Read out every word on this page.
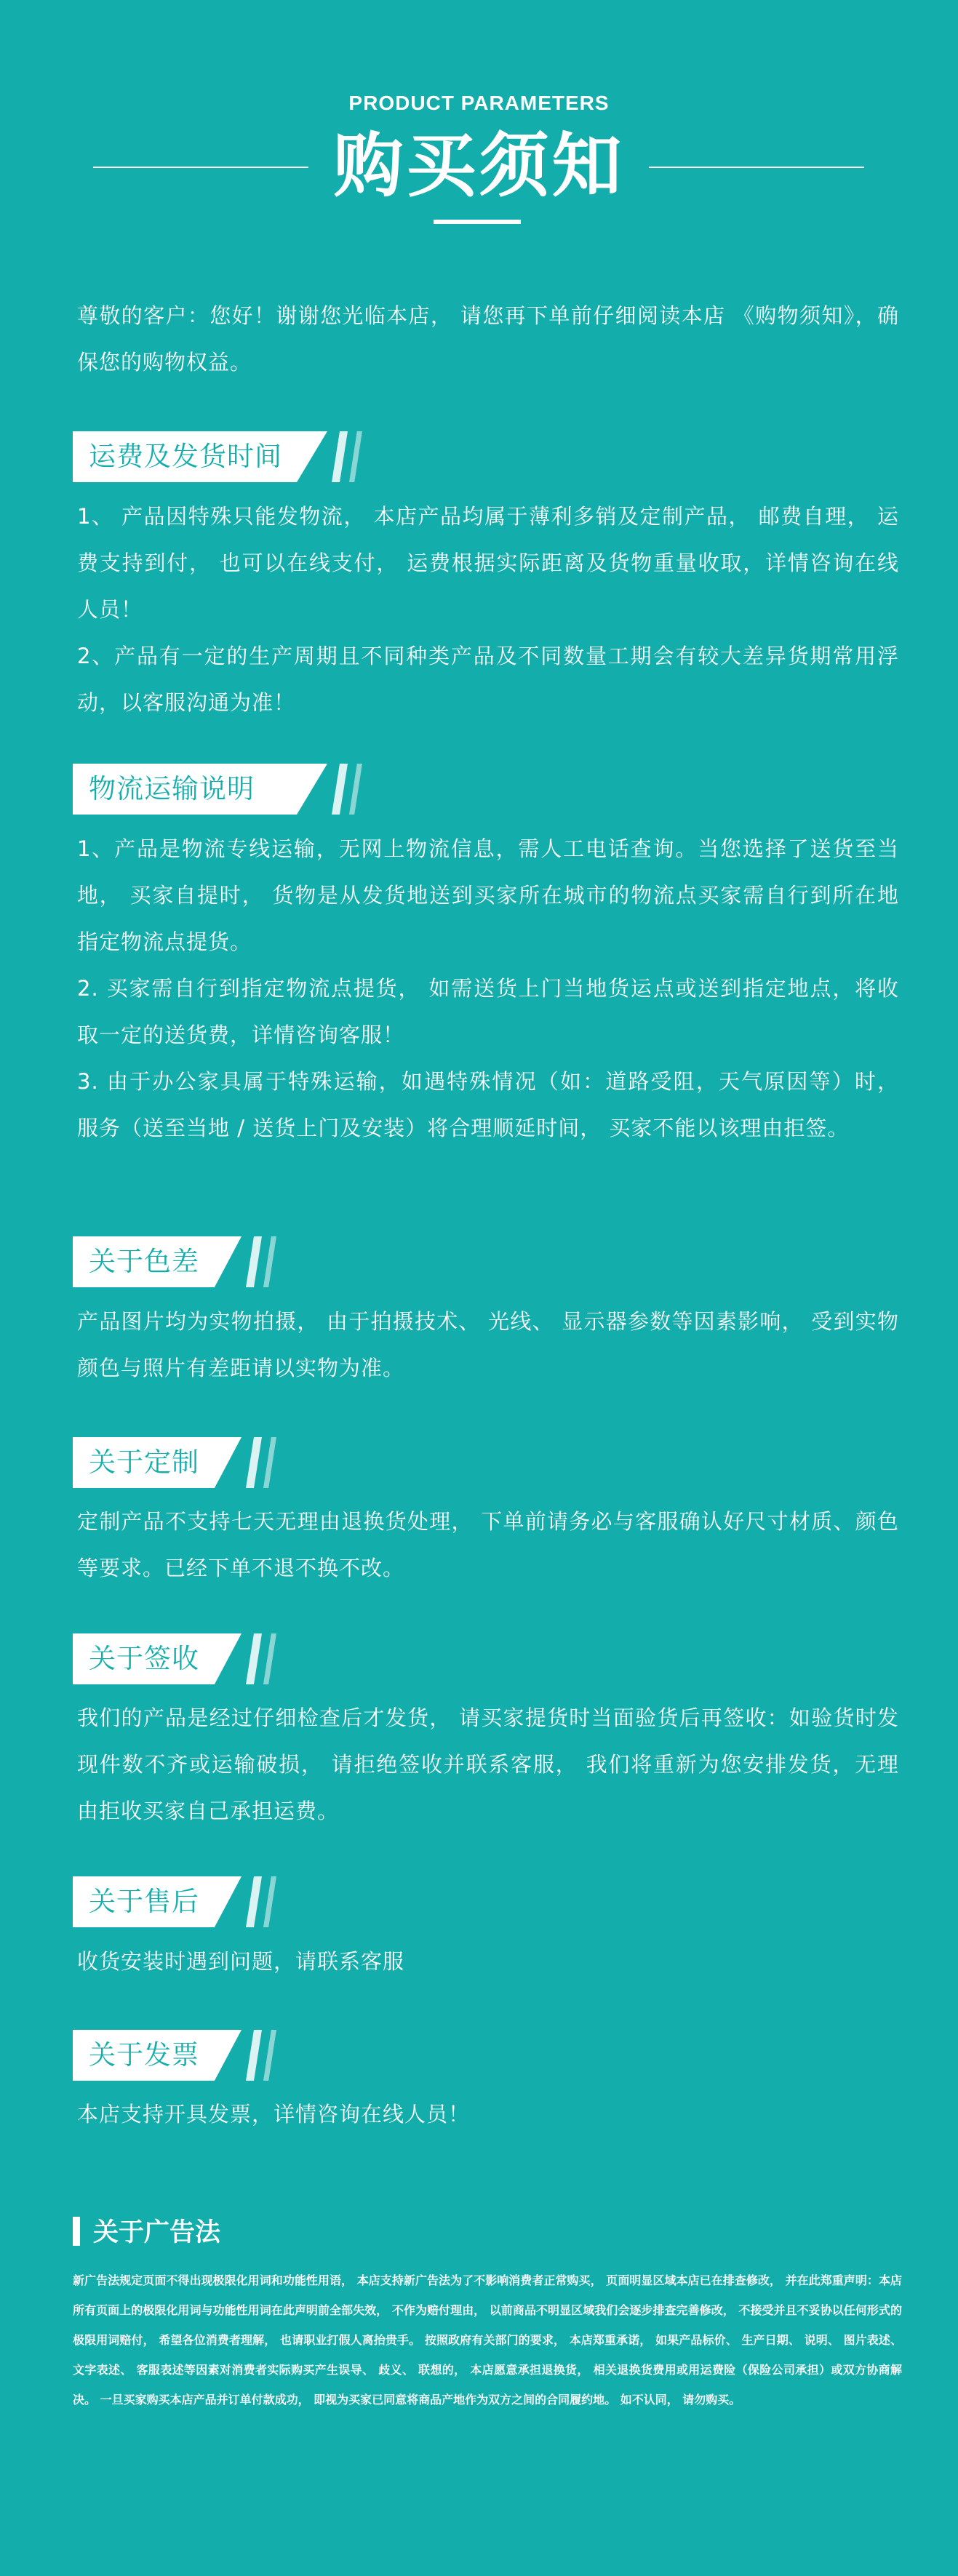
PRODUCT PARAMETERS
购买须知

尊敬的客户：您好！谢谢您光临本店， 请您再下单前仔细阅读本店 《购物须知》，确保您的购物权益。

运费及发货时间

1、 产品因特殊只能发物流， 本店产品均属于薄利多销及定制产品， 邮费自理， 运费支持到付， 也可以在线支付， 运费根据实际距离及货物重量收取，详情咨询在线人员！

2、产品有一定的生产周期且不同种类产品及不同数量工期会有较大差异货期常用浮动，以客服沟通为准！

物流运输说明

1、产品是物流专线运输，无网上物流信息，需人工电话查询。当您选择了送货至当地， 买家自提时， 货物是从发货地送到买家所在城市的物流点买家需自行到所在地指定物流点提货。

2. 买家需自行到指定物流点提货， 如需送货上门当地货运点或送到指定地点，将收取一定的送货费，详情咨询客服！

3. 由于办公家具属于特殊运输，如遇特殊情况（如：道路受阻，天气原因等）时， 服务（送至当地 / 送货上门及安装）将合理顺延时间， 买家不能以该理由拒签。

关于色差

产品图片均为实物拍摄， 由于拍摄技术、 光线、 显示器参数等因素影响， 受到实物颜色与照片有差距请以实物为准。

关于定制

定制产品不支持七天无理由退换货处理， 下单前请务必与客服确认好尺寸材质、颜色等要求。已经下单不退不换不改。

关于签收

我们的产品是经过仔细检查后才发货， 请买家提货时当面验货后再签收：如验货时发现件数不齐或运输破损， 请拒绝签收并联系客服， 我们将重新为您安排发货，无理由拒收买家自己承担运费。

关于售后

收货安装时遇到问题，请联系客服

关于发票

本店支持开具发票，详情咨询在线人员！

关于广告法

新广告法规定页面不得出现极限化用词和功能性用语， 本店支持新广告法为了不影响消费者正常购买， 页面明显区域本店已在排查修改， 并在此郑重声明：本店所有页面上的极限化用词与功能性用词在此声明前全部失效， 不作为赔付理由， 以前商品不明显区域我们会逐步排查完善修改， 不接受并且不妥协以任何形式的极限用词赔付， 希望各位消费者理解， 也请职业打假人离抬贵手。 按照政府有关部门的要求， 本店郑重承诺， 如果产品标价、 生产日期、 说明、 图片表述、 文字表述、 客服表述等因素对消费者实际购买产生误导、 歧义、 联想的， 本店愿意承担退换货， 相关退换货费用或用运费险（保险公司承担）或双方协商解决。 一旦买家购买本店产品并订单付款成功， 即视为买家已同意将商品产地作为双方之间的合同履约地。 如不认同， 请勿购买。
